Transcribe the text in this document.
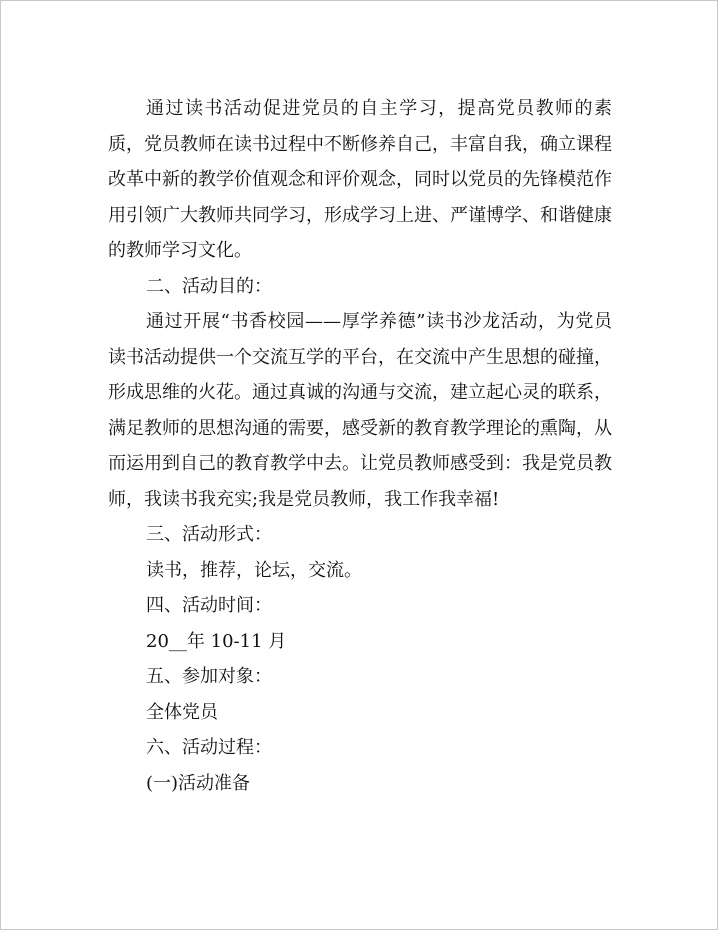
通过读书活动促进党员的自主学习，提高党员教师的素质，党员教师在读书过程中不断修养自己，丰富自我，确立课程改革中新的教学价值观念和评价观念，同时以党员的先锋模范作用引领广大教师共同学习，形成学习上进、严谨博学、和谐健康的教师学习文化。

二、活动目的：

通过开展“书香校园——厚学养德”读书沙龙活动，为党员读书活动提供一个交流互学的平台，在交流中产生思想的碰撞，形成思维的火花。通过真诚的沟通与交流，建立起心灵的联系，满足教师的思想沟通的需要，感受新的教育教学理论的熏陶，从而运用到自己的教育教学中去。让党员教师感受到：我是党员教师，我读书我充实;我是党员教师，我工作我幸福!

三、活动形式：

读书，推荐，论坛，交流。

四、活动时间：

20__年 10-11 月

五、参加对象：

全体党员

六、活动过程：

(一)活动准备
